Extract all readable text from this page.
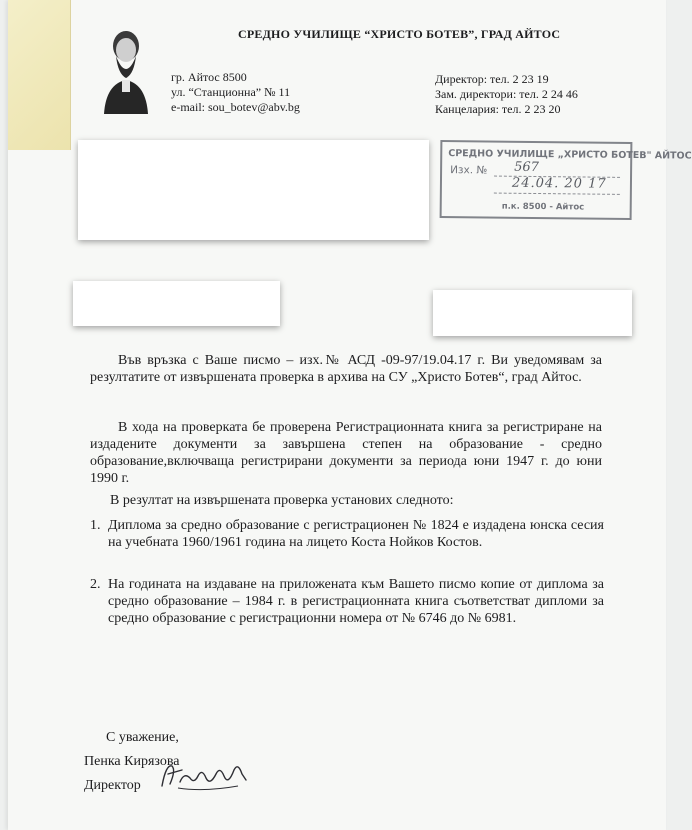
СРЕДНО УЧИЛИЩЕ “ХРИСТО БОТЕВ”, ГРАД АЙТОС
гр. Айтос 8500
ул. “Станционна” № 11
e-mail: sou_botev@abv.bg
Директор: тел. 2 23 19
Зам. директори: тел. 2 24 46
Канцелария: тел. 2 23 20
СРЕДНО УЧИЛИЩЕ „ХРИСТО БОТЕВ" АЙТОС
Изх. № 567
24.04. 20 17
п.к. 8500 - Айтос
Във връзка с Ваше писмо – изх.№ АСД -09-97/19.04.17 г. Ви уведомявам за резултатите от извършената проверка в архива на СУ „Христо Ботев“, град Айтос.
В хода на проверката бе проверена Регистрационната книга за регистриране на издадените документи за завършена степен на образование - средно образование,включваща регистрирани документи за периода юни 1947 г. до юни 1990 г.
В резултат на извършената проверка установих следното:
1. Диплома за средно образование с регистрационен № 1824 е издадена юнска сесия на учебната 1960/1961 година на лицето Коста Нойков Костов.
2. На годината на издаване на приложената към Вашето писмо копие от диплома за средно образование – 1984 г. в регистрационната книга съответстват дипломи за средно образование с регистрационни номера от № 6746 до № 6981.
С уважение,
Пенка Кирязова
Директор
